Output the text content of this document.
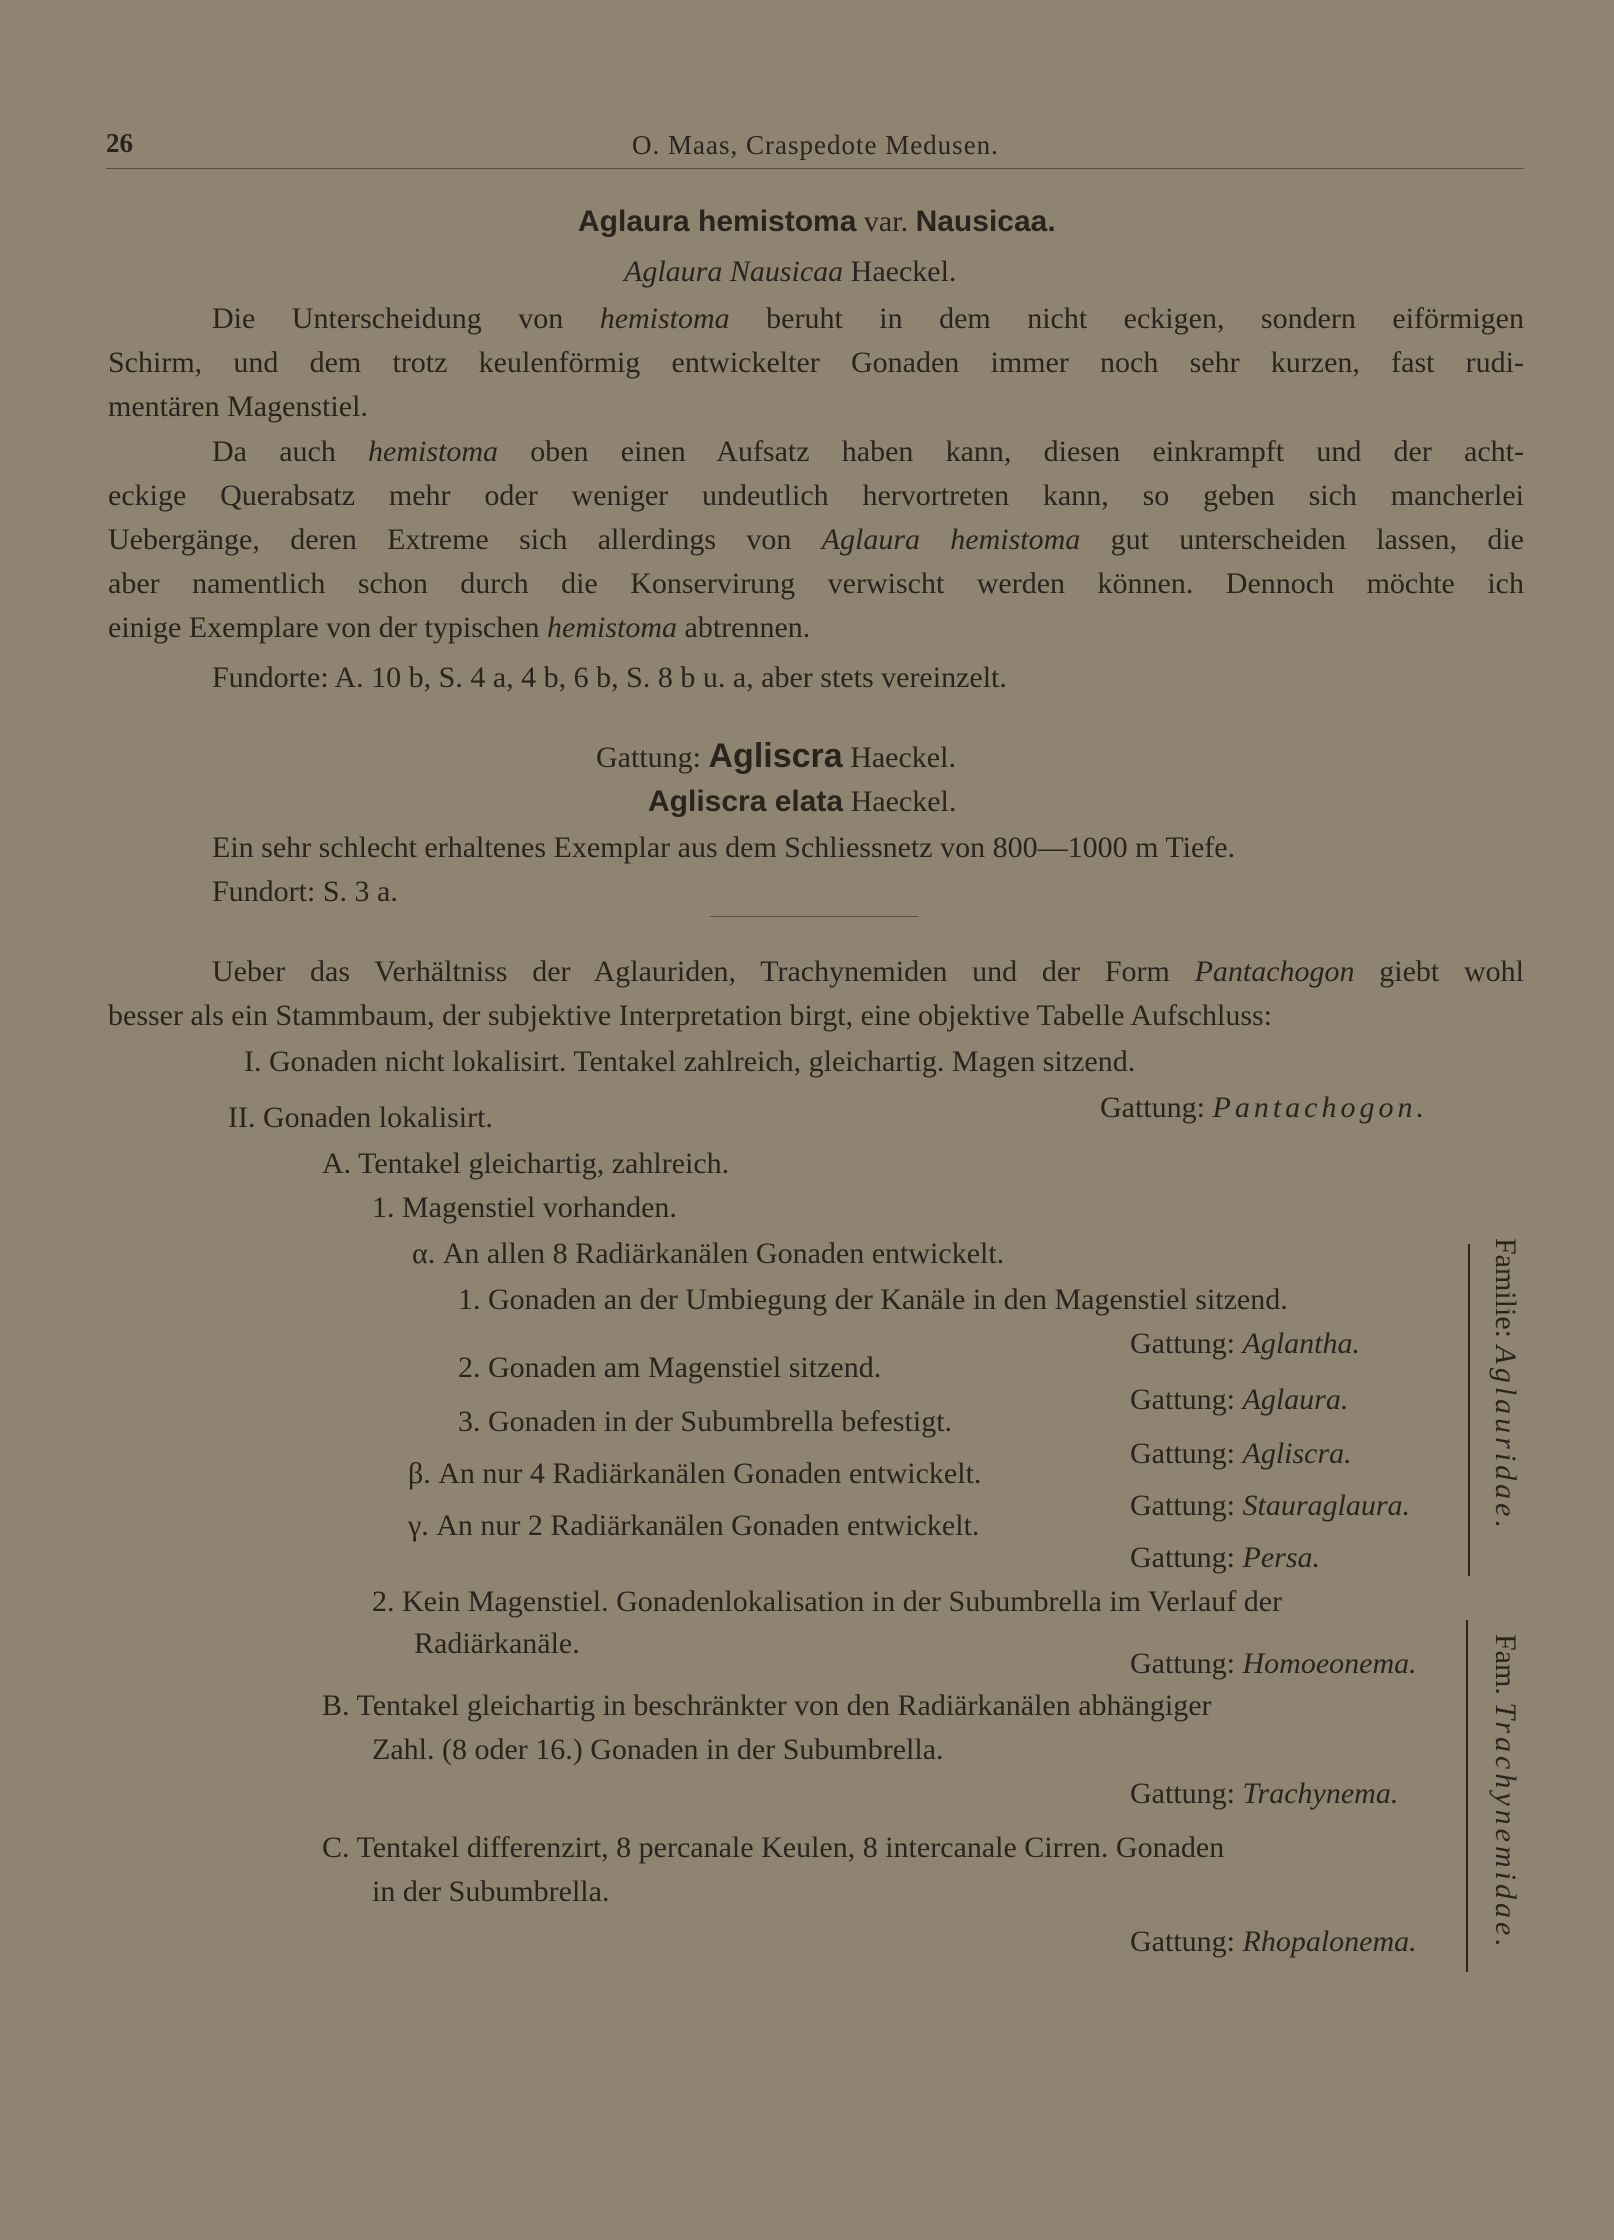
26	O. Maas, Craspedote Medusen.
Aglaura hemistoma var. Nausicaa.
Aglaura Nausicaa Haeckel.
Die Unterscheidung von hemistoma beruht in dem nicht eckigen, sondern eiförmigen
Schirm, und dem trotz keulenförmig entwickelter Gonaden immer noch sehr kurzen, fast rudi-
mentären Magenstiel.
Da auch hemistoma oben einen Aufsatz haben kann, diesen einkrampft und der acht-
eckige Querabsatz mehr oder weniger undeutlich hervortreten kann, so geben sich mancherlei
Uebergänge, deren Extreme sich allerdings von Aglaura hemistoma gut unterscheiden lassen, die
aber namentlich schon durch die Konservirung verwischt werden können. Dennoch möchte ich
einige Exemplare von der typischen hemistoma abtrennen.
Fundorte: A. 10 b, S. 4 a, 4 b, 6 b, S. 8 b u. a, aber stets vereinzelt.
Gattung: Agliscra Haeckel.
Agliscra elata Haeckel.
Ein sehr schlecht erhaltenes Exemplar aus dem Schliessnetz von 800—1000 m Tiefe.
Fundort: S. 3 a.
Ueber das Verhältniss der Aglauriden, Trachynemiden und der Form Pantachogon giebt wohl
besser als ein Stammbaum, der subjektive Interpretation birgt, eine objektive Tabelle Aufschluss:
I. Gonaden nicht lokalisirt. Tentakel zahlreich, gleichartig. Magen sitzend.
Gattung: Pantachogon.
II. Gonaden lokalisirt.
A. Tentakel gleichartig, zahlreich.
1. Magenstiel vorhanden.
α. An allen 8 Radiärkanälen Gonaden entwickelt.
1. Gonaden an der Umbiegung der Kanäle in den Magenstiel sitzend.
Gattung: Aglantha.
2. Gonaden am Magenstiel sitzend.
Gattung: Aglaura.
3. Gonaden in der Subumbrella befestigt.
Gattung: Agliscra.
β. An nur 4 Radiärkanälen Gonaden entwickelt.
Gattung: Stauraglaura.
γ. An nur 2 Radiärkanälen Gonaden entwickelt.
Gattung: Persa.
2. Kein Magenstiel. Gonadenlokalisation in der Subumbrella im Verlauf der
Radiärkanäle.
Gattung: Homoeonema.
B. Tentakel gleichartig in beschränkter von den Radiärkanälen abhängiger
Zahl. (8 oder 16.) Gonaden in der Subumbrella.
Gattung: Trachynema.
C. Tentakel differenzirt, 8 percanale Keulen, 8 intercanale Cirren. Gonaden
in der Subumbrella.
Gattung: Rhopalonema.
Familie: Aglauridae.
Fam. Trachynemidae.
